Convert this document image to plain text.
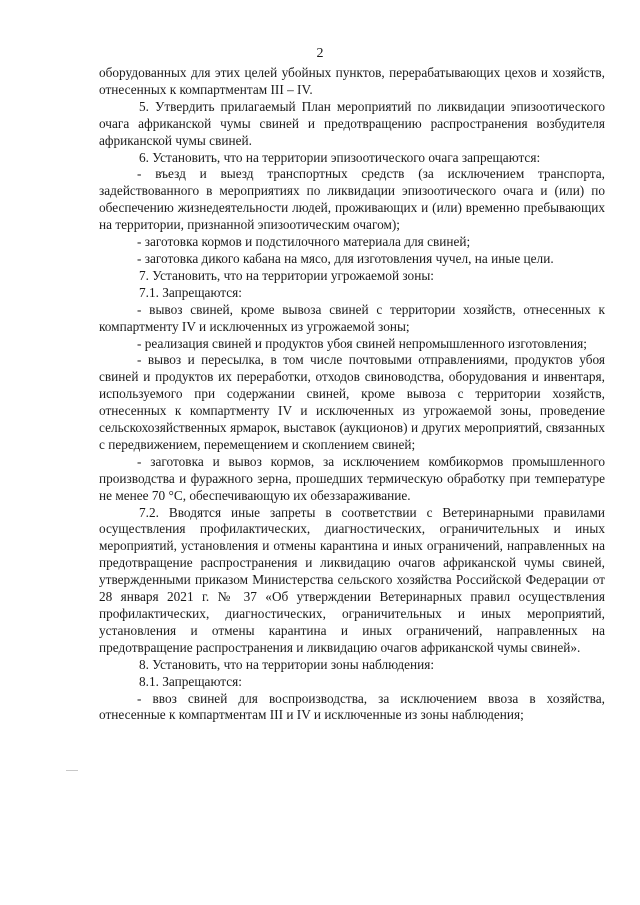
2

оборудованных для этих целей убойных пунктов, перерабатывающих цехов и хозяйств, отнесенных к компартментам III – IV.

5. Утвердить прилагаемый План мероприятий по ликвидации эпизоотического очага африканской чумы свиней и предотвращению распространения возбудителя африканской чумы свиней.

6. Установить, что на территории эпизоотического очага запрещаются:

- въезд и выезд транспортных средств (за исключением транспорта, задействованного в мероприятиях по ликвидации эпизоотического очага и (или) по обеспечению жизнедеятельности людей, проживающих и (или) временно пребывающих на территории, признанной эпизоотическим очагом);

- заготовка кормов и подстилочного материала для свиней;

- заготовка дикого кабана на мясо, для изготовления чучел, на иные цели.

7. Установить, что на территории угрожаемой зоны:

7.1. Запрещаются:

- вывоз свиней, кроме вывоза свиней с территории хозяйств, отнесенных к компартменту IV и исключенных из угрожаемой зоны;

- реализация свиней и продуктов убоя свиней непромышленного изготовления;

- вывоз и пересылка, в том числе почтовыми отправлениями, продуктов убоя свиней и продуктов их переработки, отходов свиноводства, оборудования и инвентаря, используемого при содержании свиней, кроме вывоза с территории хозяйств, отнесенных к компартменту IV и исключенных из угрожаемой зоны, проведение сельскохозяйственных ярмарок, выставок (аукционов) и других мероприятий, связанных с передвижением, перемещением и скоплением свиней;

- заготовка и вывоз кормов, за исключением комбикормов промышленного производства и фуражного зерна, прошедших термическую обработку при температуре не менее 70 °С, обеспечивающую их обеззараживание.

7.2. Вводятся иные запреты в соответствии с Ветеринарными правилами осуществления профилактических, диагностических, ограничительных и иных мероприятий, установления и отмены карантина и иных ограничений, направленных на предотвращение распространения и ликвидацию очагов африканской чумы свиней, утвержденными приказом Министерства сельского хозяйства Российской Федерации от 28 января 2021 г. № 37 «Об утверждении Ветеринарных правил осуществления профилактических, диагностических, ограничительных и иных мероприятий, установления и отмены карантина и иных ограничений, направленных на предотвращение распространения и ликвидацию очагов африканской чумы свиней».

8. Установить, что на территории зоны наблюдения:

8.1. Запрещаются:

- ввоз свиней для воспроизводства, за исключением ввоза в хозяйства, отнесенные к компартментам III и IV и исключенные из зоны наблюдения;
